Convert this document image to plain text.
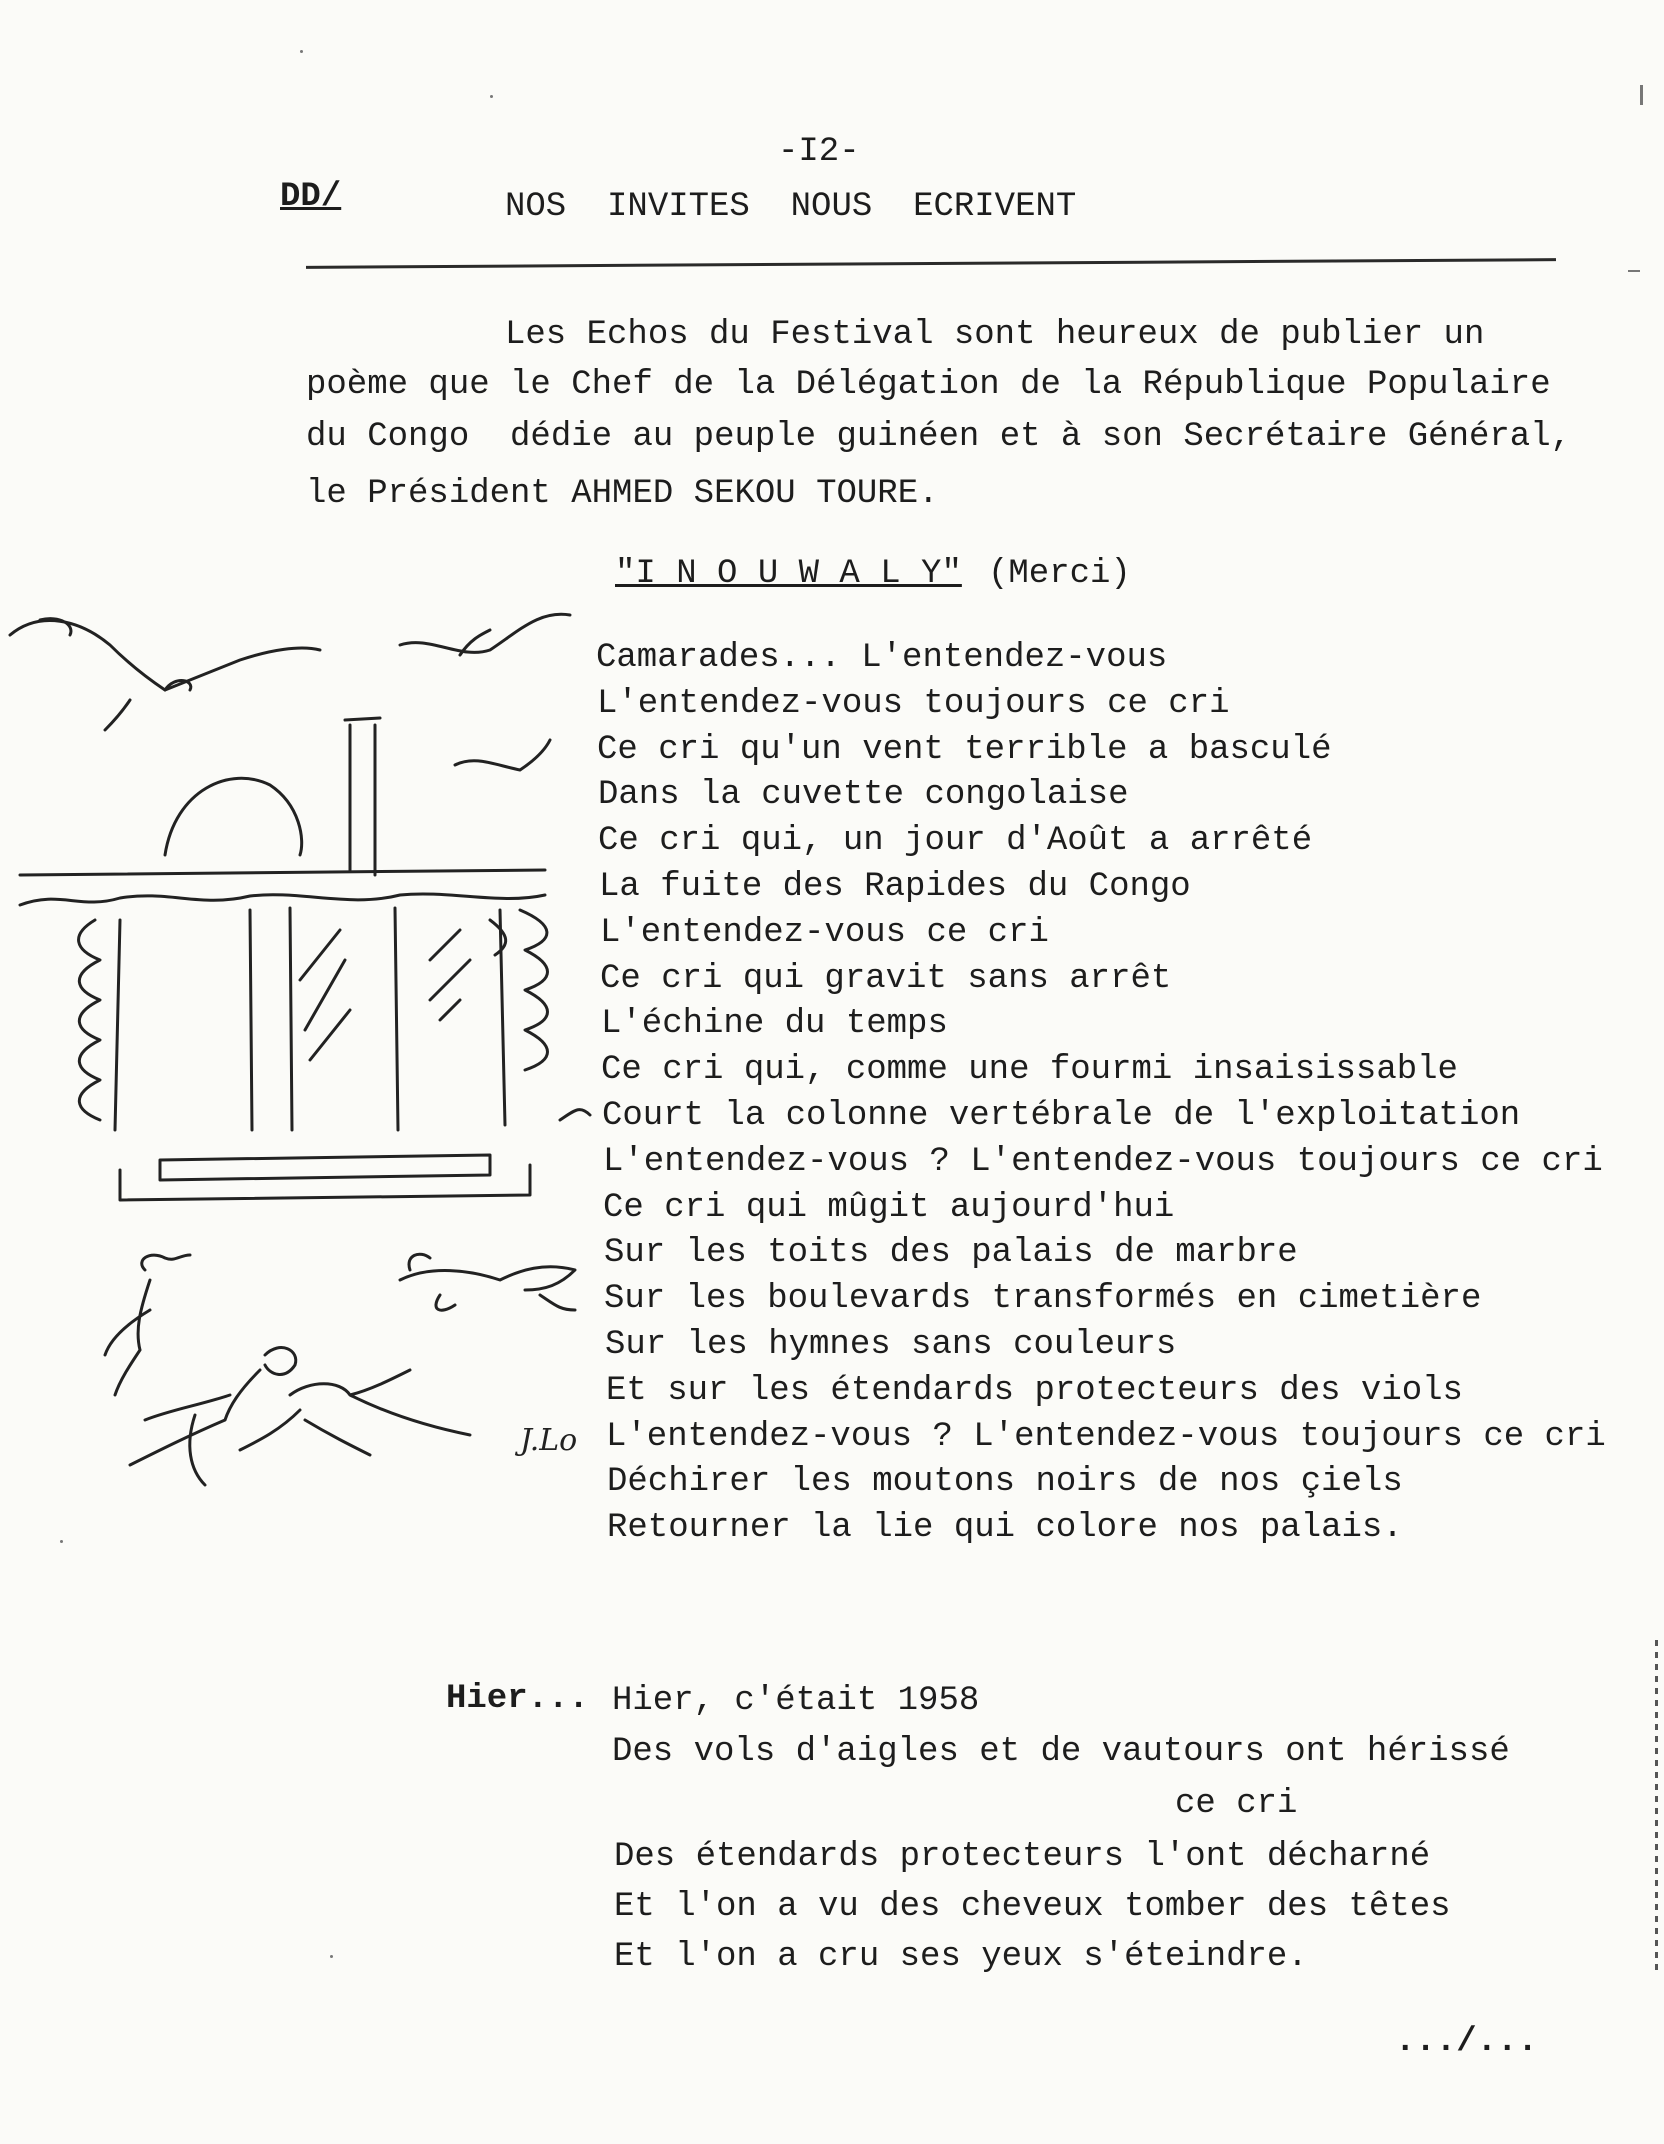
-I2-
DD/	NOS  INVITES  NOUS  ECRIVENT
Les Echos du Festival sont heureux de publier un
poème que le Chef de la Délégation de la République Populaire
du Congo  dédie au peuple guinéen et à son Secrétaire Général,
le Président AHMED SEKOU TOURE.
"I N O U W A L Y" (Merci)
J.Lo
Camarades... L'entendez-vous
L'entendez-vous toujours ce cri
Ce cri qu'un vent terrible a basculé
Dans la cuvette congolaise
Ce cri qui, un jour d'Août a arrêté
La fuite des Rapides du Congo
L'entendez-vous ce cri
Ce cri qui gravit sans arrêt
L'échine du temps
Ce cri qui, comme une fourmi insaisissable
Court la colonne vertébrale de l'exploitation
L'entendez-vous ? L'entendez-vous toujours ce cri
Ce cri qui mûgit aujourd'hui
Sur les toits des palais de marbre
Sur les boulevards transformés en cimetière
Sur les hymnes sans couleurs
Et sur les étendards protecteurs des viols
L'entendez-vous ? L'entendez-vous toujours ce cri
Déchirer les moutons noirs de nos çiels
Retourner la lie qui colore nos palais.
Hier... Hier, c'était 1958
Des vols d'aigles et de vautours ont hérissé
ce cri
Des étendards protecteurs l'ont décharné
Et l'on a vu des cheveux tomber des têtes
Et l'on a cru ses yeux s'éteindre.
.../...
